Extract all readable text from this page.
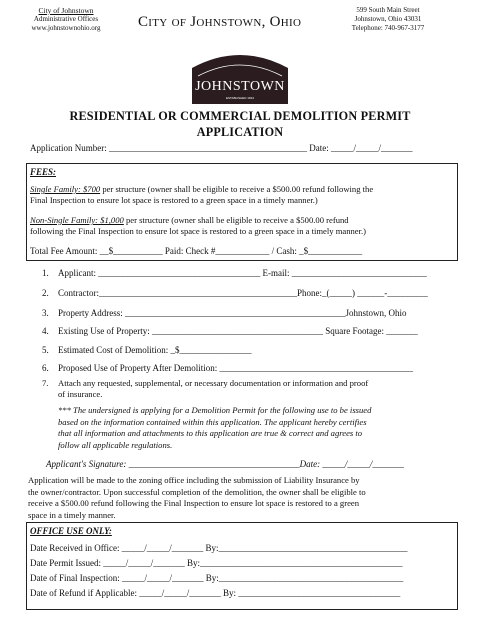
City of Johnstown
Administrative Offices
www.johnstownohio.org	City of Johnstown, Ohio
599 South Main Street
Johnstown, Ohio 43031
Telephone: 740-967-3177
JOHNSTOWN
ESTABLISHED 1813
RESIDENTIAL OR COMMERCIAL DEMOLITION PERMIT
APPLICATION
Application Number: ____________________________________________ Date: _____/_____/_______
FEES:
Single Family: $700 per structure (owner shall be eligible to receive a $500.00 refund following the
Final Inspection to ensure lot space is restored to a green space in a timely manner.)
Non-Single Family: $1,000 per structure (owner shall be eligible to receive a $500.00 refund
following the Final Inspection to ensure lot space is restored to a green space in a timely manner.)
Total Fee Amount: __$___________ Paid: Check #____________ / Cash: _$____________
1. Applicant: ____________________________________ E-mail: ______________________________
2. Contractor:____________________________________________Phone:_(_____) ______-_________
3. Property Address: _________________________________________________Johnstown, Ohio
4. Existing Use of Property: ______________________________________ Square Footage: _______
5. Estimated Cost of Demolition: _$________________
6. Proposed Use of Property After Demolition: ___________________________________________
7. Attach any requested, supplemental, or necessary documentation or information and proof
of insurance.
*** The undersigned is applying for a Demolition Permit for the following use to be issued
based on the information contained within this application. The applicant hereby certifies
that all information and attachments to this application are true & correct and agrees to
follow all applicable regulations.
Applicant's Signature: ______________________________________Date: _____/_____/_______
Application will be made to the zoning office including the submission of Liability Insurance by
the owner/contractor. Upon successful completion of the demolition, the owner shall be eligible to
receive a $500.00 refund following the Final Inspection to ensure lot space is restored to a green
space in a timely manner.
OFFICE USE ONLY:
Date Received in Office: _____/_____/_______ By:__________________________________________
Date Permit Issued: _____/_____/_______ By:_____________________________________________
Date of Final Inspection: _____/_____/_______ By:_________________________________________
Date of Refund if Applicable: _____/_____/_______ By: ____________________________________
